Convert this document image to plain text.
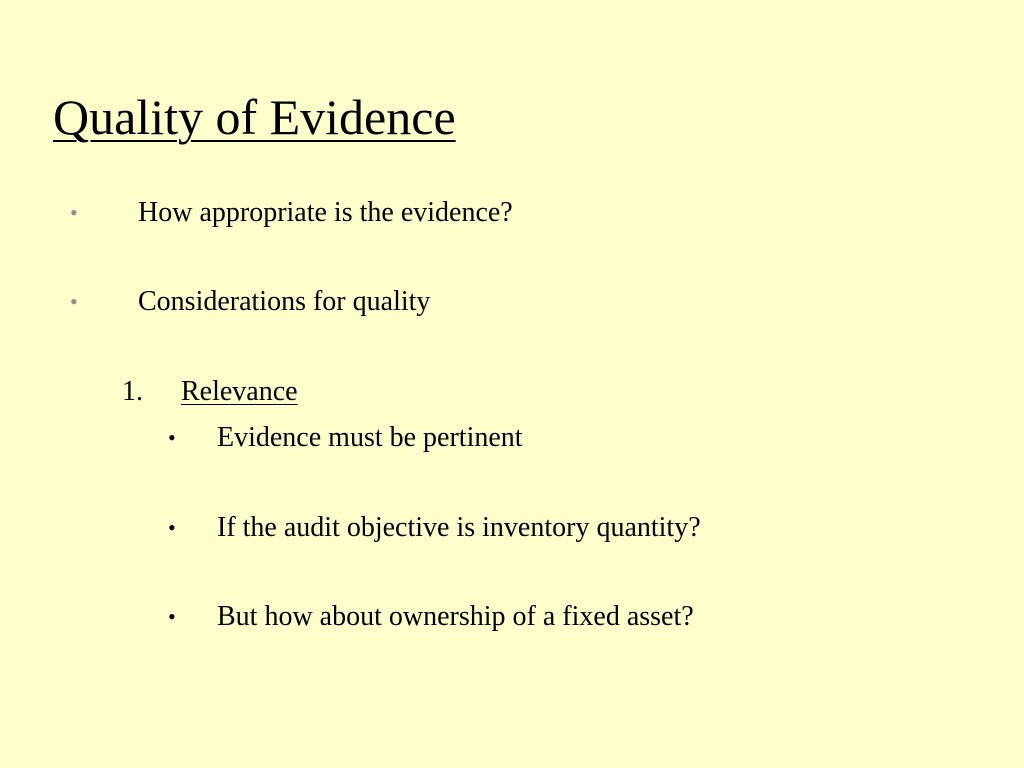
Quality of Evidence
• How appropriate is the evidence?
• Considerations for quality
1. Relevance
• Evidence must be pertinent
• If the audit objective is inventory quantity?
• But how about ownership of a fixed asset?
